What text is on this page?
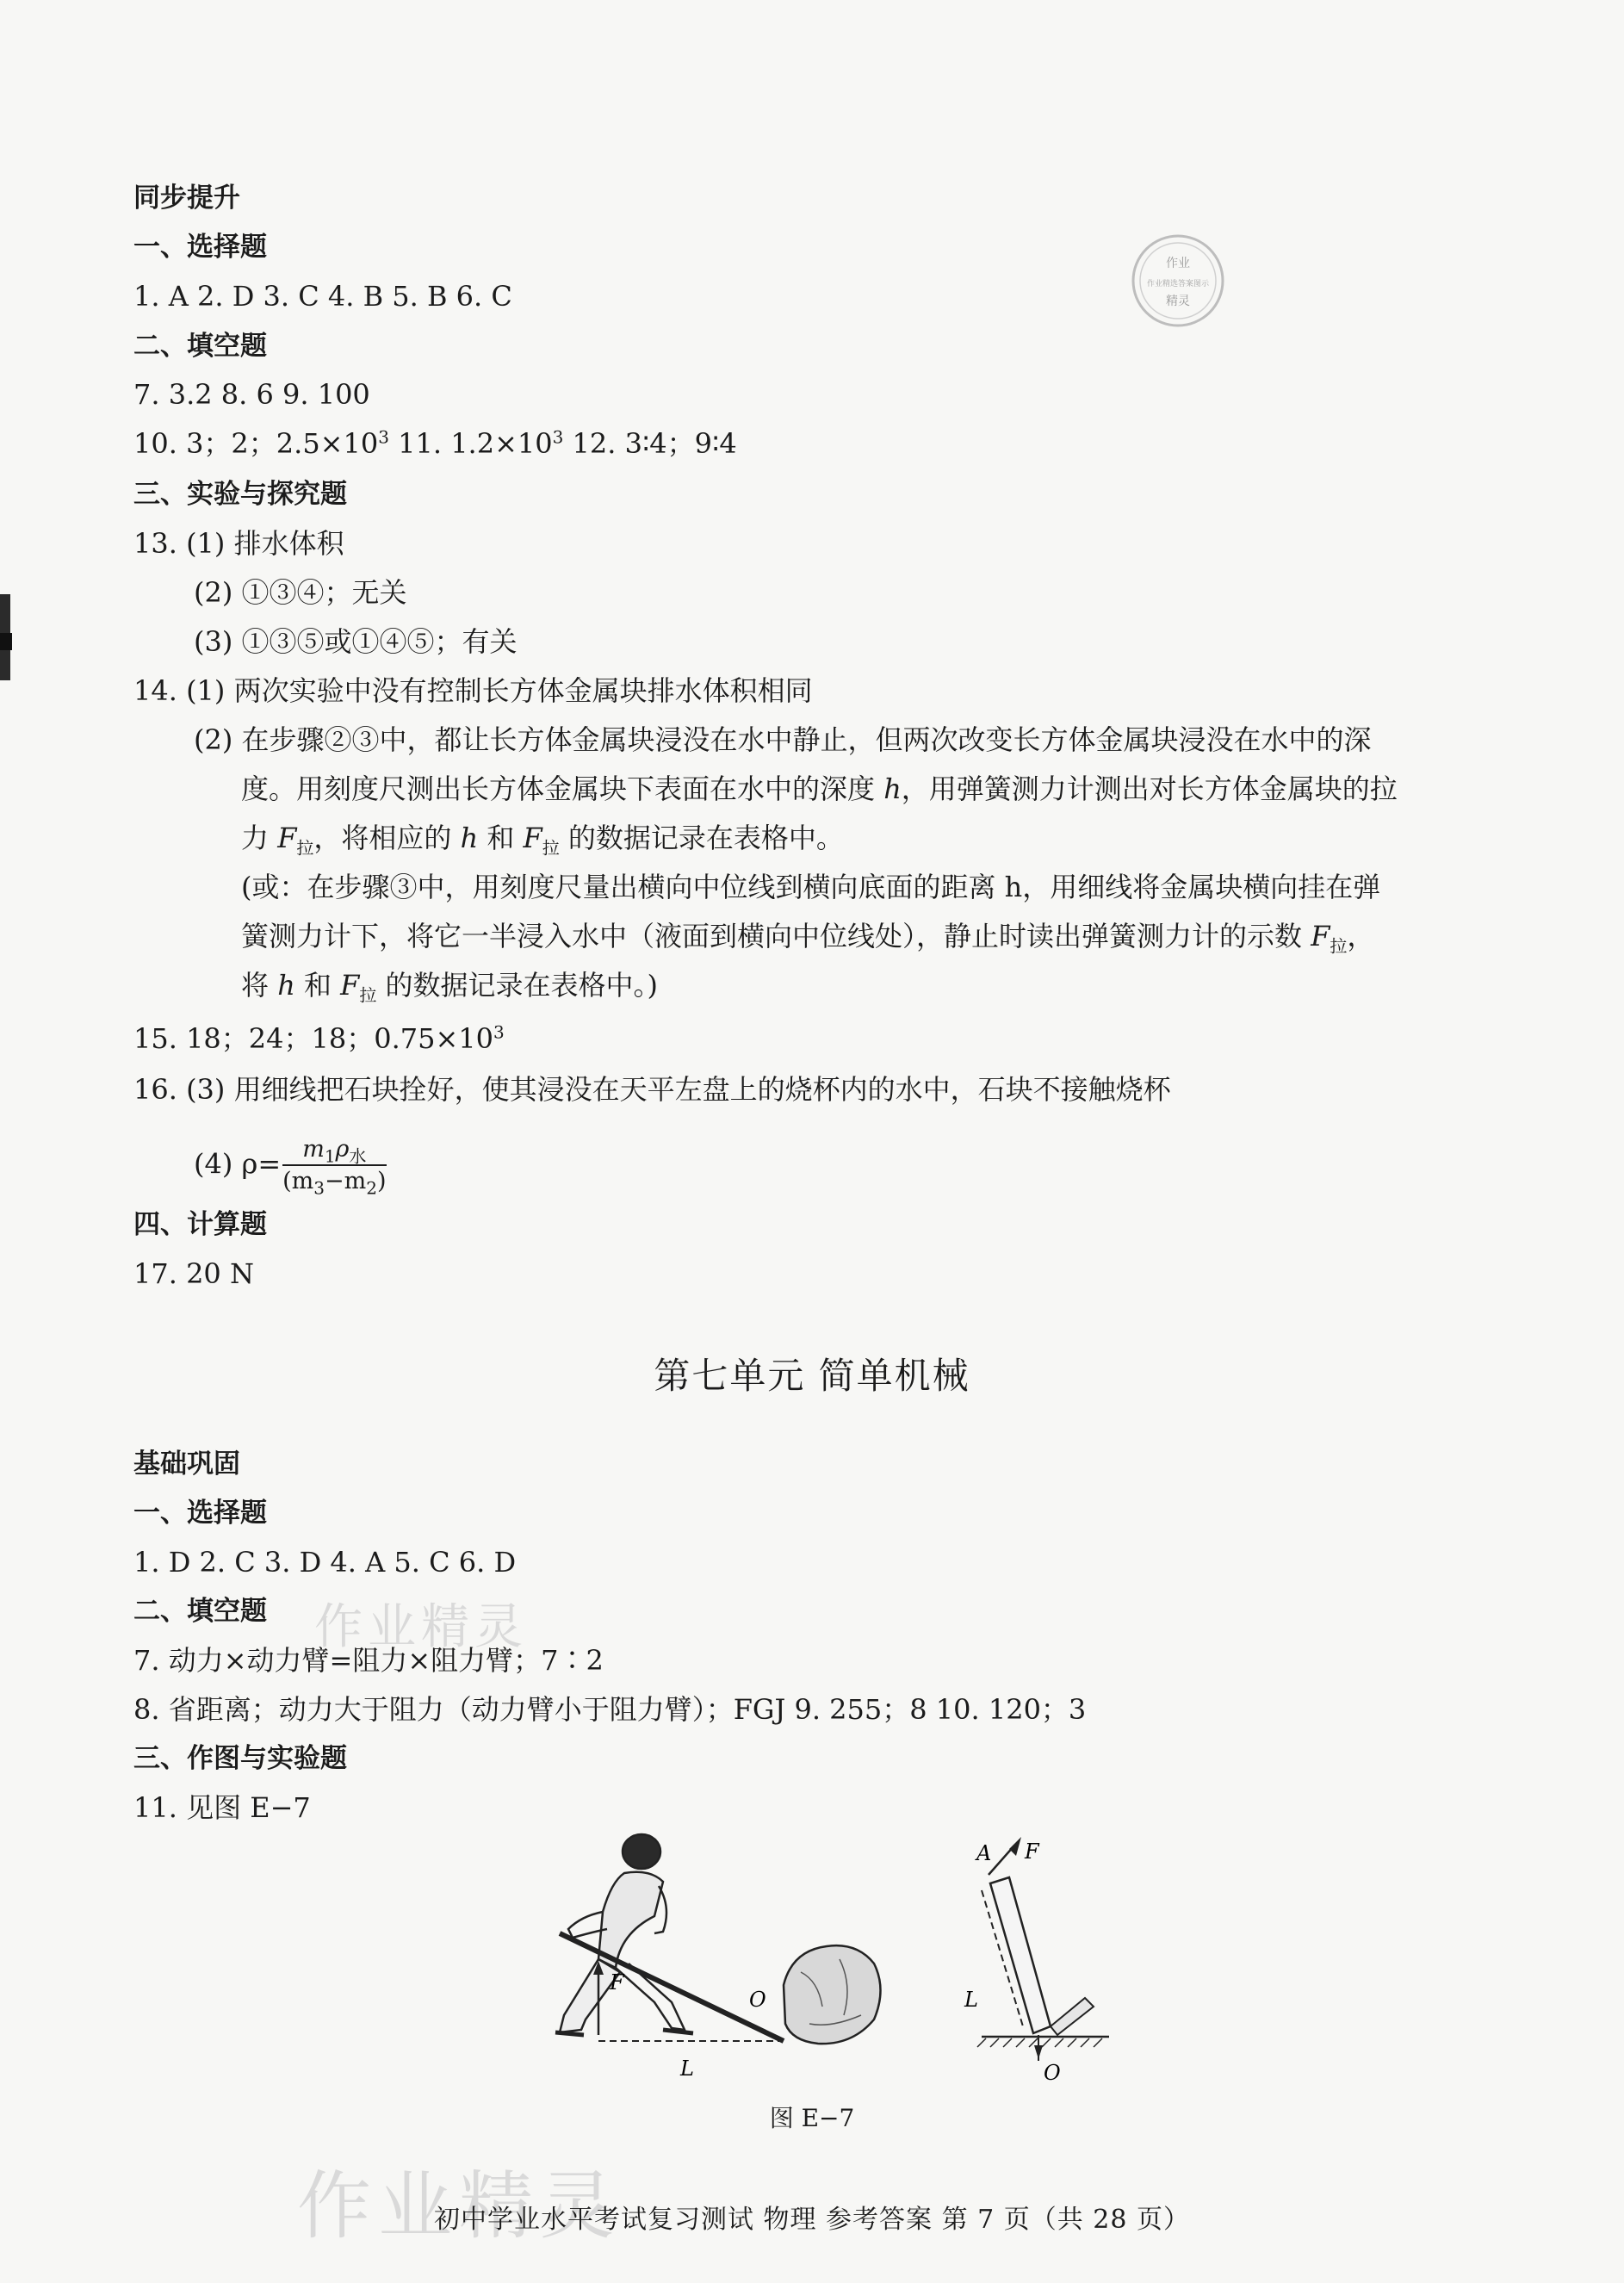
作业
作业精选答案图示
精灵
作业精灵
作业精灵
同步提升
一、选择题
1. A 2. D 3. C 4. B 5. B 6. C
二、填空题
7. 3.2 8. 6 9. 100
10. 3；2；$2.5\times 10^3$ 11. $1.2\times 10^3$ 12. 3∶4；9∶4
三、实验与探究题
13. (1) 排水体积
(2) ①③④；无关
(3) ①③⑤或①④⑤；有关
14. (1) 两次实验中没有控制长方体金属块排水体积相同
(2) 在步骤②③中，都让长方体金属块浸没在水中静止，但两次改变长方体金属块浸没在水中的深
度。用刻度尺测出长方体金属块下表面在水中的深度 h，用弹簧测力计测出对长方体金属块的拉
力 $F_拉$，将相应的 h 和 $F_拉$ 的数据记录在表格中。
(或：在步骤③中，用刻度尺量出横向中位线到横向底面的距离 h，用细线将金属块横向挂在弹
簧测力计下，将它一半浸入水中（液面到横向中位线处），静止时读出弹簧测力计的示数 $F_拉$，
将 h 和 $F_拉$ 的数据记录在表格中。)
15. 18；24；18；$0.75\times 10^3$
16. (3) 用细线把石块拴好，使其浸没在天平左盘上的烧杯内的水中，石块不接触烧杯
(4) $\rho= \frac{m_1\rho_水}{(m_3-m_2)}$
四、计算题
17. 20 N
第七单元 简单机械
基础巩固
一、选择题
1. D 2. C 3. D 4. A 5. C 6. D
二、填空题
7. 动力×动力臂=阻力×阻力臂；7∶2
8. 省距离；动力大于阻力（动力臂小于阻力臂）；FGJ 9. 255；8 10. 120；3
三、作图与实验题
11. 见图 E−7
F
O
L
A F
L
O
图 E−7
初中学业水平考试复习测试 物理 参考答案 第 7 页（共 28 页）
